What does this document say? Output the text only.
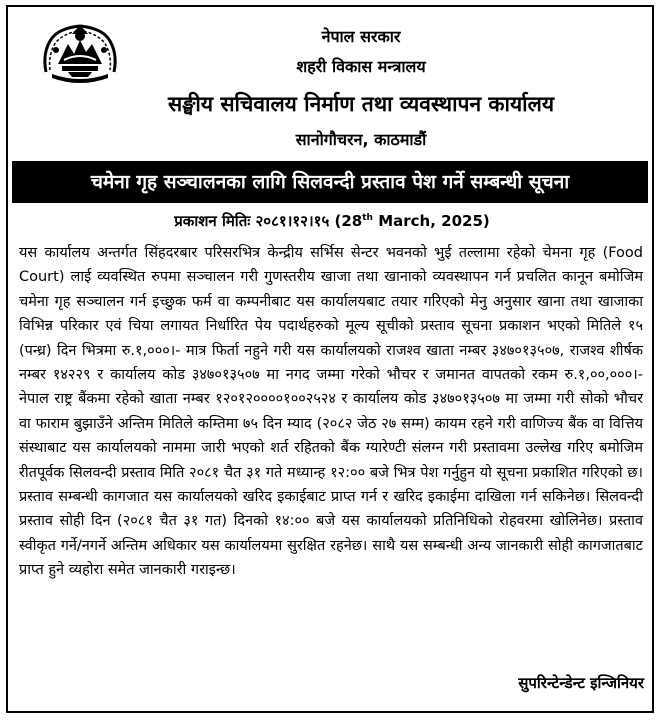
नेपाल सरकार
शहरी विकास मन्त्रालय
सङ्घीय सचिवालय निर्माण तथा व्यवस्थापन कार्यालय
सानोगौचरन, काठमाडौं
चमेना गृह सञ्चालनका लागि सिलवन्दी प्रस्ताव पेश गर्ने सम्बन्धी सूचना
प्रकाशन मितिः २०८१।१२।१५ (28th March, 2025)
यस कार्यालय अन्तर्गत सिंहदरबार परिसरभित्र केन्द्रीय सर्भिस सेन्टर भवनको भुई तल्लामा रहेको चेमना गृह (Food Court) लाई व्यवस्थित रुपमा सञ्चालन गरी गुणस्तरीय खाजा तथा खानाको व्यवस्थापन गर्न प्रचलित कानून बमोजिम चमेना गृह सञ्चालन गर्न इच्छुक फर्म वा कम्पनीबाट यस कार्यालयबाट तयार गरिएको मेनु अनुसार खाना तथा खाजाका विभिन्न परिकार एवं चिया लगायत निर्धारित पेय पदार्थहरुको मूल्य सूचीको प्रस्ताव सूचना प्रकाशन भएको मितिले १५ (पन्ध्र) दिन भित्रमा रु.१,०००।- मात्र फिर्ता नहुने गरी यस कार्यालयको राजश्व खाता नम्बर ३४७०१३५०७, राजश्व शीर्षक नम्बर १४२२९ र कार्यालय कोड ३४७०१३५०७ मा नगद जम्मा गरेको भौचर र जमानत वापतको रकम रु.१,००,०००।- नेपाल राष्ट्र बैंकमा रहेको खाता नम्बर १२०१२००००१००२५२४ र कार्यालय कोड ३४७०१३५०७ मा जम्मा गरी सोको भौचर वा फाराम बुझाउँने अन्तिम मितिले कम्तिमा ७५ दिन म्याद (२०८२ जेठ २७ सम्म) कायम रहने गरी वाणिज्य बैंक वा वित्तिय संस्थाबाट यस कार्यालयको नाममा जारी भएको शर्त रहितको बैंक ग्यारेण्टी संलग्न गरी प्रस्तावमा उल्लेख गरिए बमोजिम रीतपूर्वक सिलवन्दी प्रस्ताव मिति २०८१ चैत ३१ गते मध्यान्ह १२:०० बजे भित्र पेश गर्नुहुन यो सूचना प्रकाशित गरिएको छ। प्रस्ताव सम्बन्धी कागजात यस कार्यालयको खरिद इकाईबाट प्राप्त गर्न र खरिद इकाईमा दाखिला गर्न सकिनेछ। सिलवन्दी प्रस्ताव सोही दिन (२०८१ चैत ३१ गत) दिनको १४:०० बजे यस कार्यालयको प्रतिनिधिको रोहवरमा खोलिनेछ। प्रस्ताव स्वीकृत गर्ने/नगर्ने अन्तिम अधिकार यस कार्यालयमा सुरक्षित रहनेछ। साथै यस सम्बन्धी अन्य जानकारी सोही कागजातबाट प्राप्त हुने व्यहोरा समेत जानकारी गराइन्छ।
सुपरिन्टेन्डेन्ट इन्जिनियर
